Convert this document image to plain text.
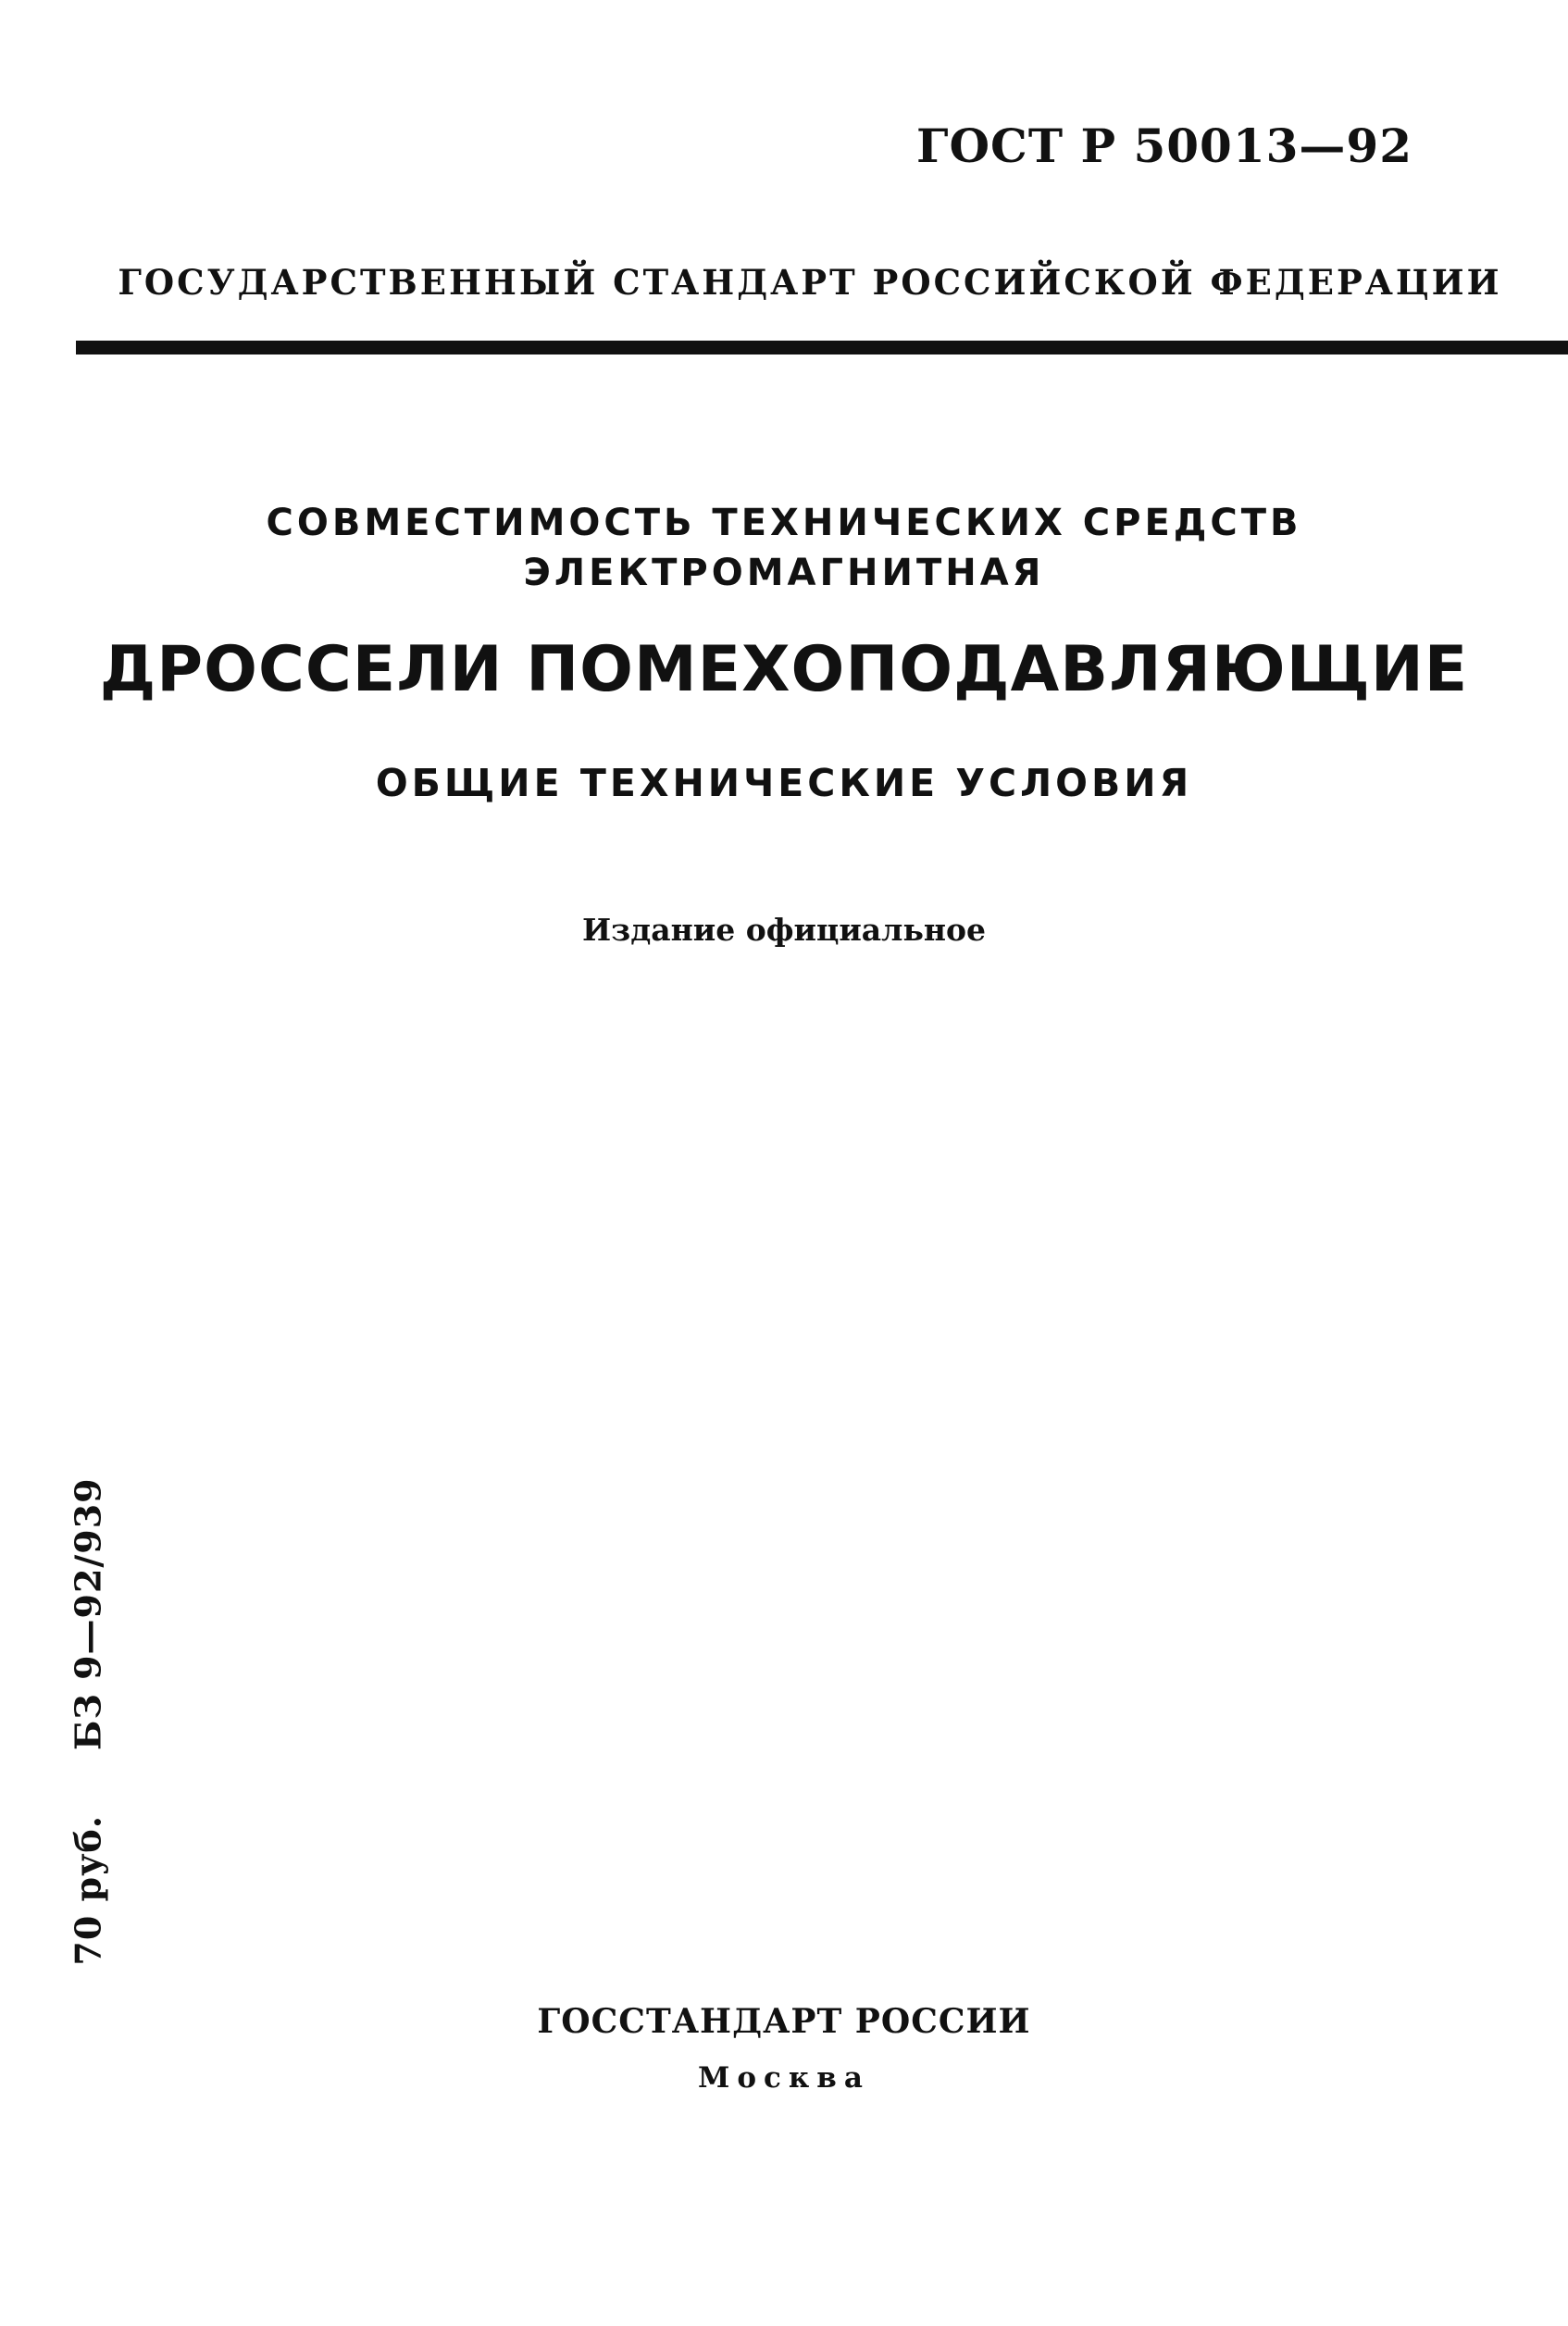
ГОСТ Р 50013—92
ГОСУДАРСТВЕННЫЙ СТАНДАРТ РОССИЙСКОЙ ФЕДЕРАЦИИ
СОВМЕСТИМОСТЬ ТЕХНИЧЕСКИХ СРЕДСТВ
ЭЛЕКТРОМАГНИТНАЯ
ДРОССЕЛИ ПОМЕХОПОДАВЛЯЮЩИЕ
ОБЩИЕ ТЕХНИЧЕСКИЕ УСЛОВИЯ
Издание официальное
70 руб.БЗ 9—92/939
ГОССТАНДАРТ РОССИИ
Москва
